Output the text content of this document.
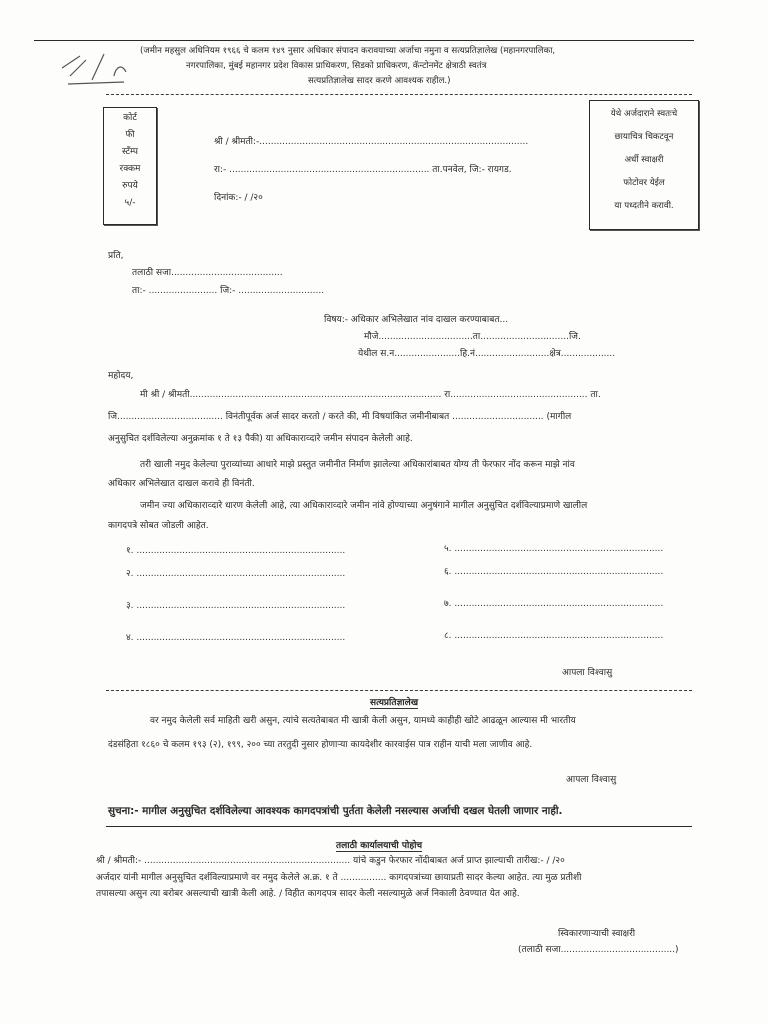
(जमीन महसुल अधिनियम १९६६ चे कलम १४९ नुसार अधिकार संपादन करावयाच्या अर्जाचा नमुना व सत्यप्रतिज्ञालेख (महानगरपालिका,
नगरपालिका, मुंबई महानगर प्रदेश विकास प्राधिकरण, सिडको प्राधिकरण, कॅन्टोनमेंट क्षेत्राठी स्वतंत्र
सत्यप्रतिज्ञालेख सादर करणे आवश्यक राहील.)
कोर्ट
फी
स्टँम्प
रक्कम
रुपये
५/-
श्री / श्रीमती:-..............................................................................................
रा:- ...................................................................... ता.पनवेल, जि:- रायगड.
दिनांक:- / /२०
येथे अर्जदाराने स्वतःचे
छायाचित्र चिकटवून
अर्धी स्वाक्षरी
फोटोवर येईल
या पध्दतीने करावी.
प्रति,
तलाठी सजा.......................................
ता:- ........................ जि:- ..............................
विषय:- अधिकार अभिलेखात नांव दाखल करण्याबाबत...
मौजे.................................ता...............................जि.
येथील स.न.......................हि.नं..........................क्षेत्र...................
महोदय,
मी श्री / श्रीमती........................................................................................ रा................................................ ता.
जि..................................... विनंतीपूर्वक अर्ज सादर करतो / करते की, मी विषयांकित जमीनीबाबत ................................ (मागील
अनुसुचित दर्शविलेल्या अनुक्रमांक १ ते १३ पैकी) या अधिकाराव्दारे जमीन संपादन केलेली आहे.
तरी खाली नमुद केलेल्या पुराव्यांच्या आधारे माझे प्रस्तुत जमीनीत निर्माण झालेल्या अधिकारांबाबत योग्य ती फेरफार नोंद करून माझे नांव
अधिकार अभिलेखात दाखल करावे ही विनंती.
जमीन ज्या अधिकाराव्दारे धारण केलेली आहे, त्या अधिकाराव्दारे जमीन नांवे होण्याच्या अनुषंगाने मागील अनुसुचित दर्शविल्याप्रमाणे खालील
कागदपत्रे सोबत जोडली आहेत.
१. .........................................................................
२. .........................................................................
३. .........................................................................
४. .........................................................................
५. .........................................................................
६. .........................................................................
७. .........................................................................
८. .........................................................................
आपला विश्वासु
सत्यप्रतिज्ञालेख
वर नमुद केलेली सर्व माहिती खरी असुन, त्यांचे सत्यतेबाबत मी खात्री केली असुन, यामध्ये काहीही खोटे आढळून आल्यास मी भारतीय
दंडसंहिता १८६० चे कलम १९३ (२), १९९, २०० च्या तरतुदी नुसार होणाऱ्या कायदेशीर कारवाईस पात्र राहीन याची मला जाणीव आहे.
आपला विश्वासु
सुचना:- मागील अनुसुचित दर्शविलेल्या आवश्यक कागदपत्रांची पुर्तता केलेली नसल्यास अर्जाची दखल घेतली जाणार नाही.
तलाठी कार्यालयाची पोहोच
श्री / श्रीमती:- ........................................................................ यांचे कडुन फेरफार नोंदीबाबत अर्ज प्राप्त झाल्याची तारीख:- / /२०
अर्जदार यांनी मागील अनुसुचित दर्शविल्याप्रमाणे वर नमुद केलेले अ.क्र. १ ते ................ कागदपत्रांच्या छायाप्रती सादर केल्या आहेत. त्या मुळ प्रतीशी
तपासल्या असुन त्या बरोबर असल्याची खात्री केली आहे. / विहीत कागदपत्र सादर केली नसल्यामुळे अर्ज निकाली ठेवण्यात येत आहे.
स्विकारणाऱ्याची स्वाक्षरी
(तलाठी सजा........................................)
